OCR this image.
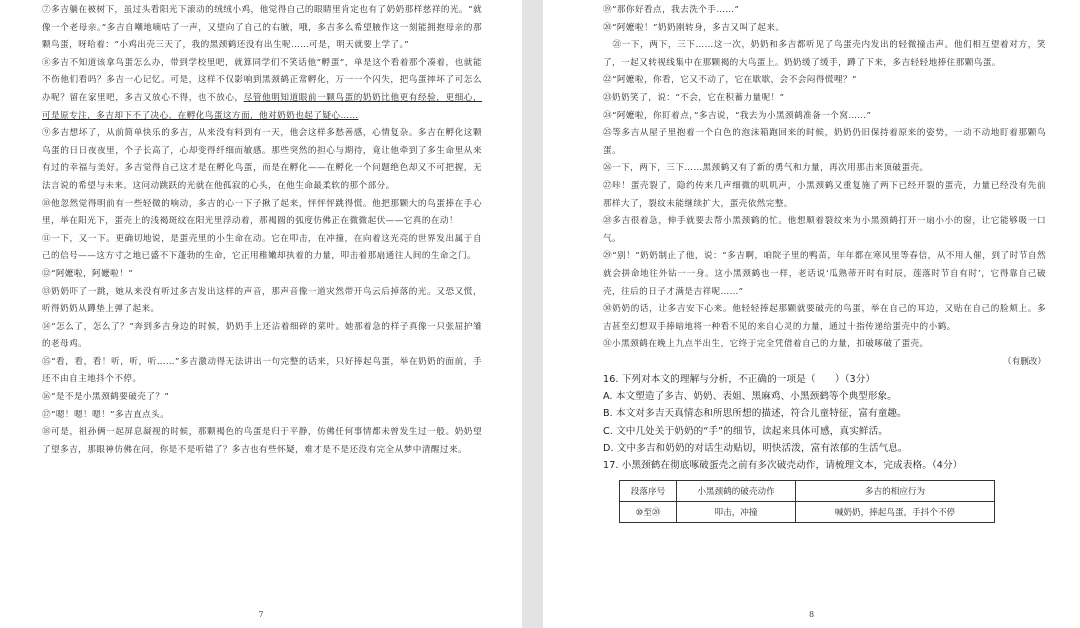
⑦多吉躺在被树下，虽过头看阳光下滚动的绒绒小鸡，他觉得自己的眼睛里肯定也有了奶奶那样慈祥的光。“就像一个老母亲。”多吉自嘲地嘀咕了一声，又望向了自己的右腋，哦，多吉多么希望腋作这一刻能拥抱母亲的那颗鸟蛋，呀哈着：“小鸡出壳三天了，我的黑颈鹤还没有出生呢……可是，明天就要上学了。”

⑧多吉不知道该拿鸟蛋怎么办，带到学校里吧，就算同学们不笑话他“孵蛋”，单是这个看着那个凑着，也就能不伤他们看吗？多吉一心记忆。可是，这样不仅影响到黑颈鹤正常孵化，万一一个闪失，把鸟蛋摔坏了可怎么办呢？留在家里吧，多吉又放心不得，也不放心，尽管他明知道眼前一颗鸟蛋的奶奶比他更有经验，更细心，可是原专注，多吉却下不了决心，在孵化鸟蛋这方面，他对奶奶也起了疑心……

⑨多吉想坏了，从前简单快乐的多吉，从来没有料到有一天，他会这样多愁善感，心情复杂。多吉在孵化这颗鸟蛋的日日夜夜里，个子长高了，心却变得纤细而敏感。那些突然的担心与期待，竟让他牵到了多生命里从来有过的幸福与美好。多吉觉得自己这才是在孵化鸟蛋，而是在孵化——在孵化一个问题绝色却又不可把握，无法言说的希望与未来。这问动跳跃的光就在他孤寂的心头，在他生命最柔软的那个部分。

⑩他忽然觉得明前有一些轻微的响动，多吉的心一下子揪了起来，怦怦怦跳得慌。他把那颗大的鸟蛋捧在手心里，举在阳光下，蛋壳上的浅褐斑纹在阳光里浮动着，那褐圆的弧度仿佛正在微微起伏——它真的在动！

⑪一下，又一下。更确切地说，是蛋壳里的小生命在动。它在叩击，在冲撞，在向着这光亮的世界发出属于自己的信号——这方寸之地已盛不下蓬勃的生命，它正用稚嫩却执着的力量，叩击着那扇通往人间的生命之门。

⑫“阿嬷啦，阿嬷啦！”

⑬奶奶吓了一跳，她从来没有听过多吉发出这样的声音，那声音像一道灾然带开鸟云后掉落的光。又恐又慌，听得奶奶从蹲垫上弹了起来。

⑭“怎么了，怎么了？”奔到多吉身边的时候，奶奶手上还沾着细碎的菜叶。她那着急的样子真像一只张屈护雏的老母鸡。

⑮“看，看，看！听，听，听……”多吉激动得无法讲出一句完整的话来，只好捧起鸟蛋，举在奶奶的面前，手还不由自主地抖个不停。

⑯“是不是小黑颈鹤要破壳了？”

⑰“嗯！嗯！嗯！”多吉直点头。

⑱可是，祖孙俩一起屏息凝视的时候，那颗褐色的鸟蛋是归于平静，仿佛任何事情都未曾发生过一般。奶奶望了望多吉，那眼神仿佛在问，你是不是听错了？多吉也有些怀疑，难才是不是还没有完全从梦中清醒过来。

7

⑲“那你好看点，我去洗个手……”

⑳“阿嬷啦！”奶奶刚转身，多吉又叫了起来。

㉑一下，两下，三下……这一次，奶奶和多吉都听见了鸟蛋壳内发出的轻微撞击声。他们相互望着对方，笑了，一起又转视线集中在那颗褐的大鸟蛋上。奶奶缓了缓手，蹲了下来，多吉轻轻地捧住那颗鸟蛋。

㉒“阿嬷啦，你看，它又不动了，它在歇歇，会不会闷得慌哩？”

㉓奶奶笑了，说：“不会，它在积蓄力量呢！”

㉔“阿嬷啦，你盯着点，”多吉说，“我去为小黑颈鹤准备一个窝……”

㉕等多吉从屋子里抱着一个白色的泡沫箱跑回来的时候，奶奶仍旧保持着原来的姿势，一动不动地盯着那颗鸟蛋。

㉖一下，两下，三下……黑颈鹤又有了新的勇气和力量，再次用那击来顶破蛋壳。

㉗咔！蛋壳裂了，隐约传来几声细微的叽叽声，小黑颈鹤又重复施了两下已经开裂的蛋壳，力量已经没有先前那样大了，裂纹未能继续扩大，蛋壳依然完整。

㉘多吉很着急，伸手就要去帮小黑颈鹤的忙。他想顺着裂纹来为小黑颈鹤打开一扇小小的窗，让它能够吸一口气。

㉙“别！”奶奶制止了他，说：“多吉啊，咱院子里的鸭苗，年年都在寒风里等春信，从不用人催，到了时节自然就会拼命地往外钻一一身。这小黑颈鹤也一样，老话说‘瓜熟蒂开时有时辰，莲落时节自有时’，它得靠自己破壳，往后的日子才满是吉祥呢……”

㉚奶奶的话，让多吉安下心来。他轻轻捧起那颗就要破壳的鸟蛋，举在自己的耳边，又贴在自己的脸颊上。多吉甚至幻想双手捧暗地将一种看不见的来自心灵的力量，通过十指传递给蛋壳中的小鹤。

㉛小黑颈鹤在晚上九点半出生，它终于完全凭借着自己的力量，扣破啄破了蛋壳。

（有删改）

16. 下列对本文的理解与分析，不正确的一项是（　　）（3分）

A. 本文塑造了多吉、奶奶、表姐、黑麻鸡、小黑颈鹤等个典型形象。

B. 本文对多吉天真情态和所思所想的描述，符合儿童特征，富有童趣。

C. 文中几处关于奶奶的“手”的细节，读起来具体可感，真实鲜活。

D. 文中多吉和奶奶的对话生动贴切，明快活泼，富有浓郁的生活气息。

17. 小黑颈鹤在彻底啄破蛋壳之前有多次破壳动作，请梳理文本，完成表格。（4分）

段落序号	小黑颈鹤的破壳动作	多吉的相应行为
⑩至⑳	叩击，冲撞	喊奶奶，捧起鸟蛋，手抖个不停
8
